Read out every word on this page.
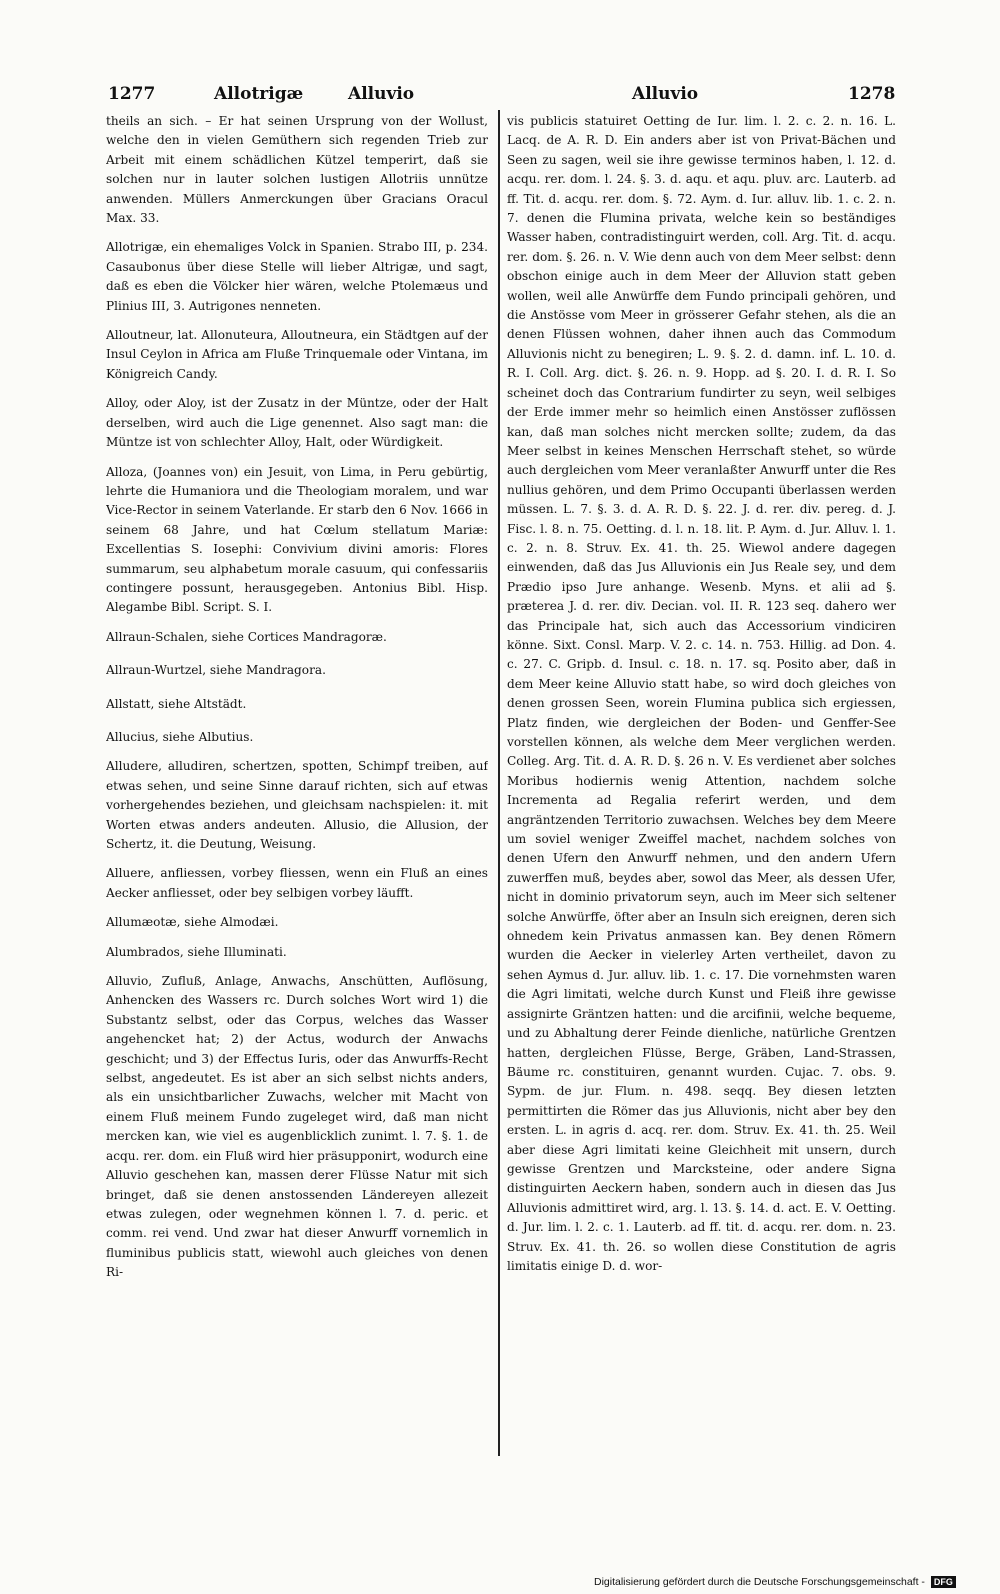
1277	Allotrigæ	Alluvio	Alluvio	1278

theils an sich. – Er hat seinen Ursprung von der Wollust, welche den in vielen Gemüthern sich regenden Trieb zur Arbeit mit einem schädlichen Kützel temperirt, daß sie solchen nur in lauter solchen lustigen Allotriis unnütze anwenden. Müllers Anmerckungen über Gracians Oracul Max. 33.

Allotrigæ, ein ehemaliges Volck in Spanien. Strabo III, p. 234. Casaubonus über diese Stelle will lieber Altrigæ, und sagt, daß es eben die Völcker hier wären, welche Ptolemæus und Plinius III, 3. Autrigones nenneten.

Alloutneur, lat. Allonuteura, Alloutneura, ein Städtgen auf der Insul Ceylon in Africa am Fluße Trinquemale oder Vintana, im Königreich Candy.

Alloy, oder Aloy, ist der Zusatz in der Müntze, oder der Halt derselben, wird auch die Lige genennet. Also sagt man: die Müntze ist von schlechter Alloy, Halt, oder Würdigkeit.

Alloza, (Joannes von) ein Jesuit, von Lima, in Peru gebürtig, lehrte die Humaniora und die Theologiam moralem, und war Vice-Rector in seinem Vaterlande. Er starb den 6 Nov. 1666 in seinem 68 Jahre, und hat Cœlum stellatum Mariæ: Excellentias S. Iosephi: Convivium divini amoris: Flores summarum, seu alphabetum morale casuum, qui confessariis contingere possunt, herausgegeben. Antonius Bibl. Hisp. Alegambe Bibl. Script. S. I.

Allraun-Schalen, siehe Cortices Mandragoræ.

Allraun-Wurtzel, siehe Mandragora.

Allstatt, siehe Altstädt.

Allucius, siehe Albutius.

Alludere, alludiren, schertzen, spotten, Schimpf treiben, auf etwas sehen, und seine Sinne darauf richten, sich auf etwas vorhergehendes beziehen, und gleichsam nachspielen: it. mit Worten etwas anders andeuten. Allusio, die Allusion, der Schertz, it. die Deutung, Weisung.

Alluere, anfliessen, vorbey fliessen, wenn ein Fluß an eines Aecker anfliesset, oder bey selbigen vorbey läufft.

Allumæotæ, siehe Almodæi.

Alumbrados, siehe Illuminati.

Alluvio, Zufluß, Anlage, Anwachs, Anschütten, Auflösung, Anhencken des Wassers rc. Durch solches Wort wird 1) die Substantz selbst, oder das Corpus, welches das Wasser angehencket hat; 2) der Actus, wodurch der Anwachs geschicht; und 3) der Effectus Iuris, oder das Anwurffs-Recht selbst, angedeutet. Es ist aber an sich selbst nichts anders, als ein unsichtbarlicher Zuwachs, welcher mit Macht von einem Fluß meinem Fundo zugeleget wird, daß man nicht mercken kan, wie viel es augenblicklich zunimt. l. 7. §. 1. de acqu. rer. dom. ein Fluß wird hier präsupponirt, wodurch eine Alluvio geschehen kan, massen derer Flüsse Natur mit sich bringet, daß sie denen anstossenden Ländereyen allezeit etwas zulegen, oder wegnehmen können l. 7. d. peric. et comm. rei vend. Und zwar hat dieser Anwurff vornemlich in fluminibus publicis statt, wiewohl auch gleiches von denen Ri-

vis publicis statuiret Oetting de Iur. lim. l. 2. c. 2. n. 16. L. Lacq. de A. R. D. Ein anders aber ist von Privat-Bächen und Seen zu sagen, weil sie ihre gewisse terminos haben, l. 12. d. acqu. rer. dom. l. 24. §. 3. d. aqu. et aqu. pluv. arc. Lauterb. ad ff. Tit. d. acqu. rer. dom. §. 72. Aym. d. Iur. alluv. lib. 1. c. 2. n. 7. denen die Flumina privata, welche kein so beständiges Wasser haben, contradistinguirt werden, coll. Arg. Tit. d. acqu. rer. dom. §. 26. n. V. Wie denn auch von dem Meer selbst: denn obschon einige auch in dem Meer der Alluvion statt geben wollen, weil alle Anwürffe dem Fundo principali gehören, und die Anstösse vom Meer in grösserer Gefahr stehen, als die an denen Flüssen wohnen, daher ihnen auch das Commodum Alluvionis nicht zu benegiren; L. 9. §. 2. d. damn. inf. L. 10. d. R. I. Coll. Arg. dict. §. 26. n. 9. Hopp. ad §. 20. I. d. R. I. So scheinet doch das Contrarium fundirter zu seyn, weil selbiges der Erde immer mehr so heimlich einen Anstösser zuflössen kan, daß man solches nicht mercken sollte; zudem, da das Meer selbst in keines Menschen Herrschaft stehet, so würde auch dergleichen vom Meer veranlaßter Anwurff unter die Res nullius gehören, und dem Primo Occupanti überlassen werden müssen. L. 7. §. 3. d. A. R. D. §. 22. J. d. rer. div. pereg. d. J. Fisc. l. 8. n. 75. Oetting. d. l. n. 18. lit. P. Aym. d. Jur. Alluv. l. 1. c. 2. n. 8. Struv. Ex. 41. th. 25. Wiewol andere dagegen einwenden, daß das Jus Alluvionis ein Jus Reale sey, und dem Prædio ipso Jure anhange. Wesenb. Myns. et alii ad §. præterea J. d. rer. div. Decian. vol. II. R. 123 seq. dahero wer das Principale hat, sich auch das Accessorium vindiciren könne. Sixt. Consl. Marp. V. 2. c. 14. n. 753. Hillig. ad Don. 4. c. 27. C. Gripb. d. Insul. c. 18. n. 17. sq. Posito aber, daß in dem Meer keine Alluvio statt habe, so wird doch gleiches von denen grossen Seen, worein Flumina publica sich ergiessen, Platz finden, wie dergleichen der Boden- und Genffer-See vorstellen können, als welche dem Meer verglichen werden. Colleg. Arg. Tit. d. A. R. D. §. 26 n. V. Es verdienet aber solches Moribus hodiernis wenig Attention, nachdem solche Incrementa ad Regalia referirt werden, und dem angräntzenden Territorio zuwachsen. Welches bey dem Meere um soviel weniger Zweiffel machet, nachdem solches von denen Ufern den Anwurff nehmen, und den andern Ufern zuwerffen muß, beydes aber, sowol das Meer, als dessen Ufer, nicht in dominio privatorum seyn, auch im Meer sich seltener solche Anwürffe, öfter aber an Insuln sich ereignen, deren sich ohnedem kein Privatus anmassen kan. Bey denen Römern wurden die Aecker in vielerley Arten vertheilet, davon zu sehen Aymus d. Jur. alluv. lib. 1. c. 17. Die vornehmsten waren die Agri limitati, welche durch Kunst und Fleiß ihre gewisse assignirte Gräntzen hatten: und die arcifinii, welche bequeme, und zu Abhaltung derer Feinde dienliche, natürliche Grentzen hatten, dergleichen Flüsse, Berge, Gräben, Land-Strassen, Bäume rc. constituiren, genannt wurden. Cujac. 7. obs. 9. Sypm. de jur. Flum. n. 498. seqq. Bey diesen letzten permittirten die Römer das jus Alluvionis, nicht aber bey den ersten. L. in agris d. acq. rer. dom. Struv. Ex. 41. th. 25. Weil aber diese Agri limitati keine Gleichheit mit unsern, durch gewisse Grentzen und Marcksteine, oder andere Signa distinguirten Aeckern haben, sondern auch in diesen das Jus Alluvionis admittiret wird, arg. l. 13. §. 14. d. act. E. V. Oetting. d. Jur. lim. l. 2. c. 1. Lauterb. ad ff. tit. d. acqu. rer. dom. n. 23. Struv. Ex. 41. th. 26. so wollen diese Constitution de agris limitatis einige D. d. wor-

Digitalisierung gefördert durch die Deutsche Forschungsgemeinschaft - DFG
